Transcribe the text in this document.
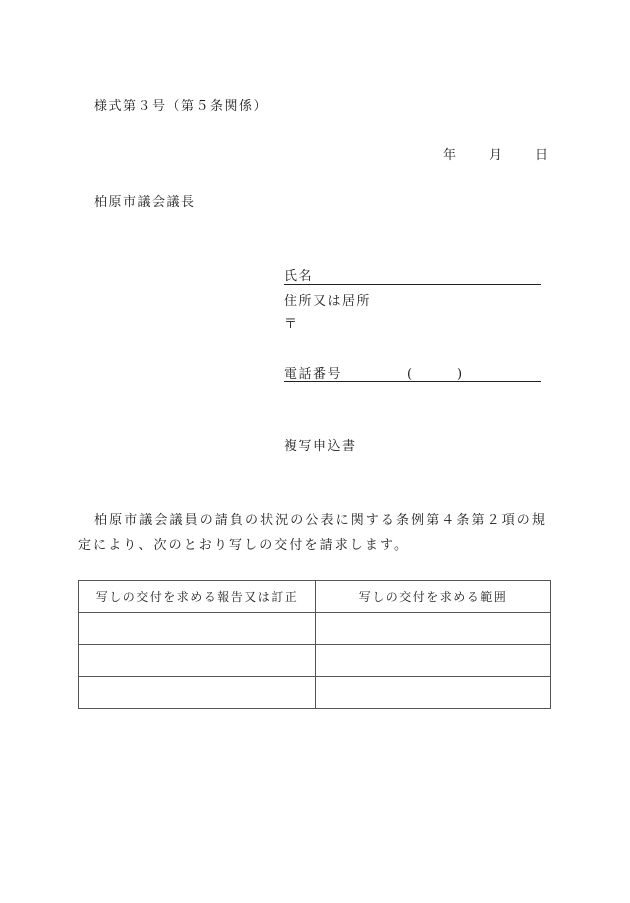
様式第３号（第５条関係）
年 月 日
柏原市議会議長
氏名
住所又は居所
〒
電話番号	(	)
複写申込書
柏原市議会議員の請負の状況の公表に関する条例第４条第２項の規
定により、次のとおり写しの交付を請求します。
写しの交付を求める報告又は訂正	写しの交付を求める範囲
